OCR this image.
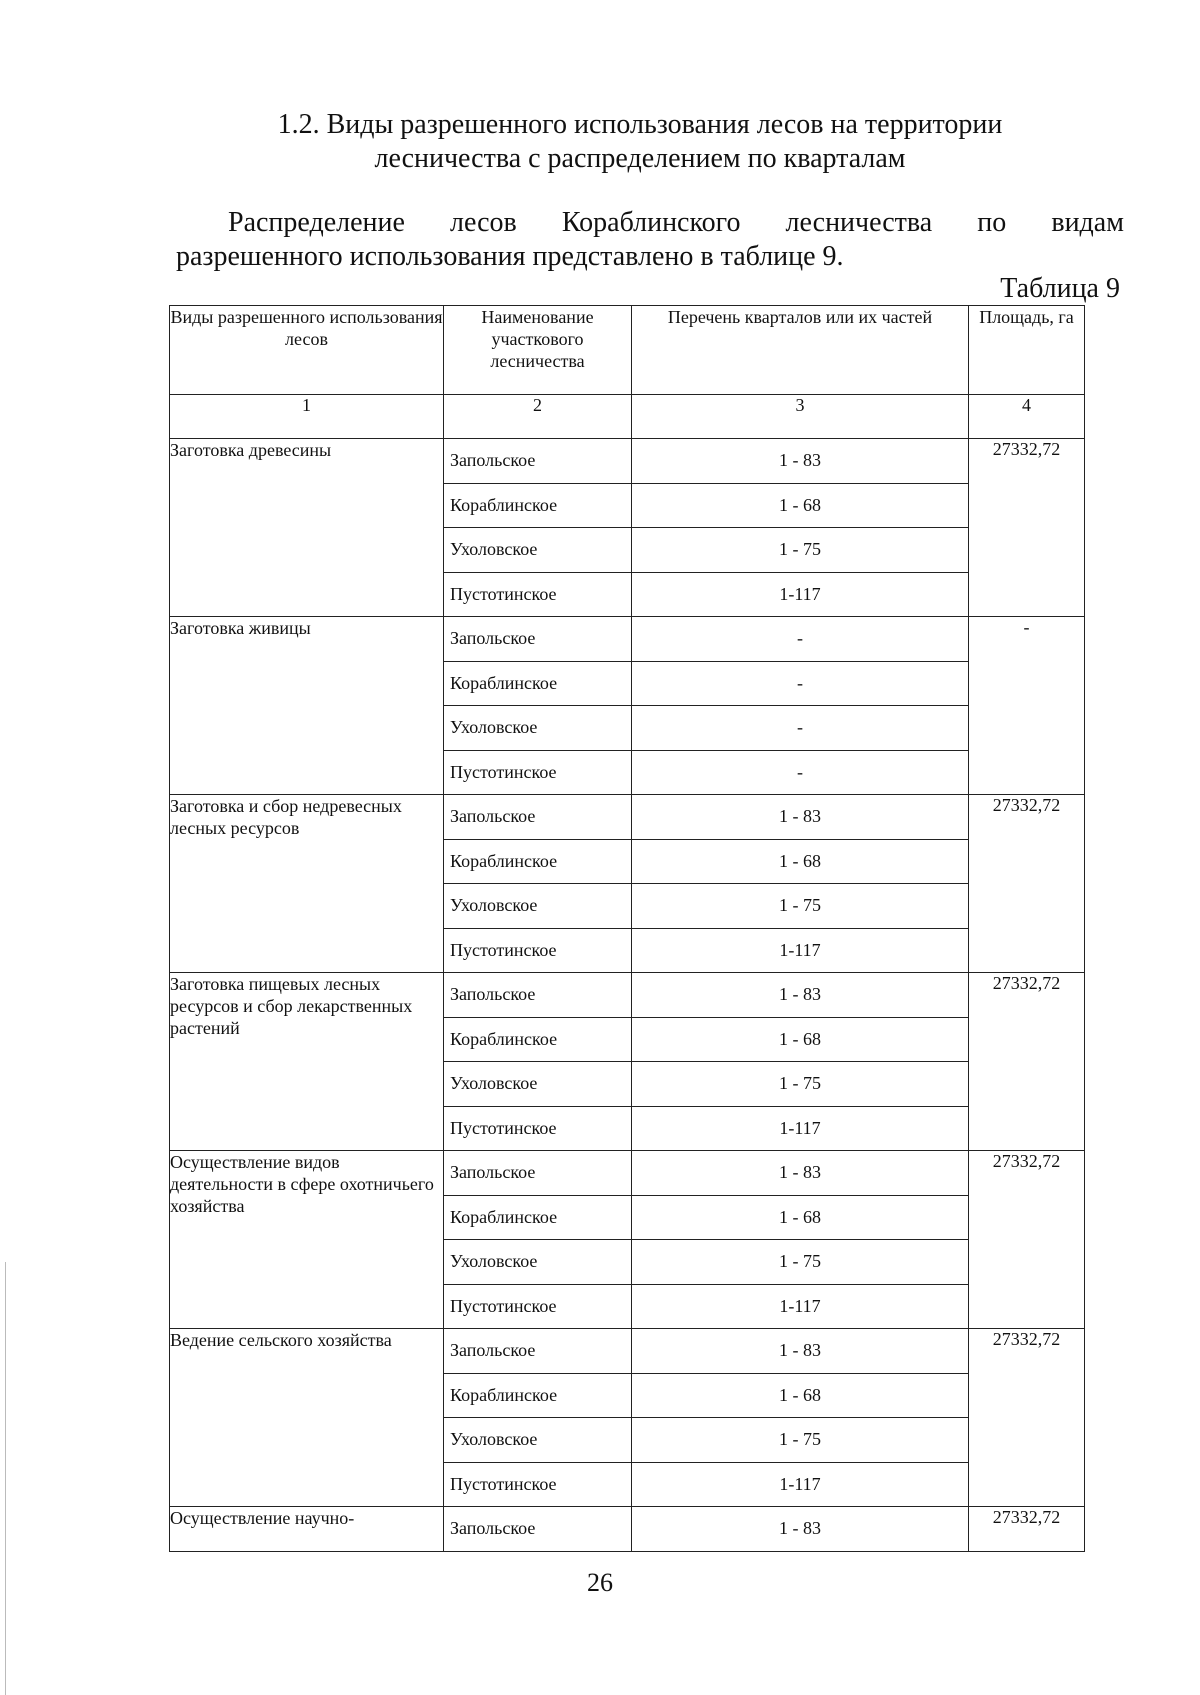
1.2. Виды разрешенного использования лесов на территории
лесничества с распределением по кварталам
Распределение лесов Кораблинского лесничества по видам
разрешенного использования представлено в таблице 9.
Таблица 9
Виды разрешенного использования лесов	Наименование участкового лесничества	Перечень кварталов или их частей	Площадь, га
1	2	3	4
Заготовка древесины	Запольское	1 - 83	27332,72
	Кораблинское	1 - 68	
	Ухоловское	1 - 75	
	Пустотинское	1-117	
Заготовка живицы	Запольское	-	-
	Кораблинское	-	
	Ухоловское	-	
	Пустотинское	-	
Заготовка и сбор недревесных лесных ресурсов	Запольское	1 - 83	27332,72
	Кораблинское	1 - 68	
	Ухоловское	1 - 75	
	Пустотинское	1-117	
Заготовка пищевых лесных ресурсов и сбор лекарственных растений	Запольское	1 - 83	27332,72
	Кораблинское	1 - 68	
	Ухоловское	1 - 75	
	Пустотинское	1-117	
Осуществление видов деятельности в сфере охотничьего хозяйства	Запольское	1 - 83	27332,72
	Кораблинское	1 - 68	
	Ухоловское	1 - 75	
	Пустотинское	1-117	
Ведение сельского хозяйства	Запольское	1 - 83	27332,72
	Кораблинское	1 - 68	
	Ухоловское	1 - 75	
	Пустотинское	1-117	
Осуществление научно-	Запольское	1 - 83	27332,72
26
